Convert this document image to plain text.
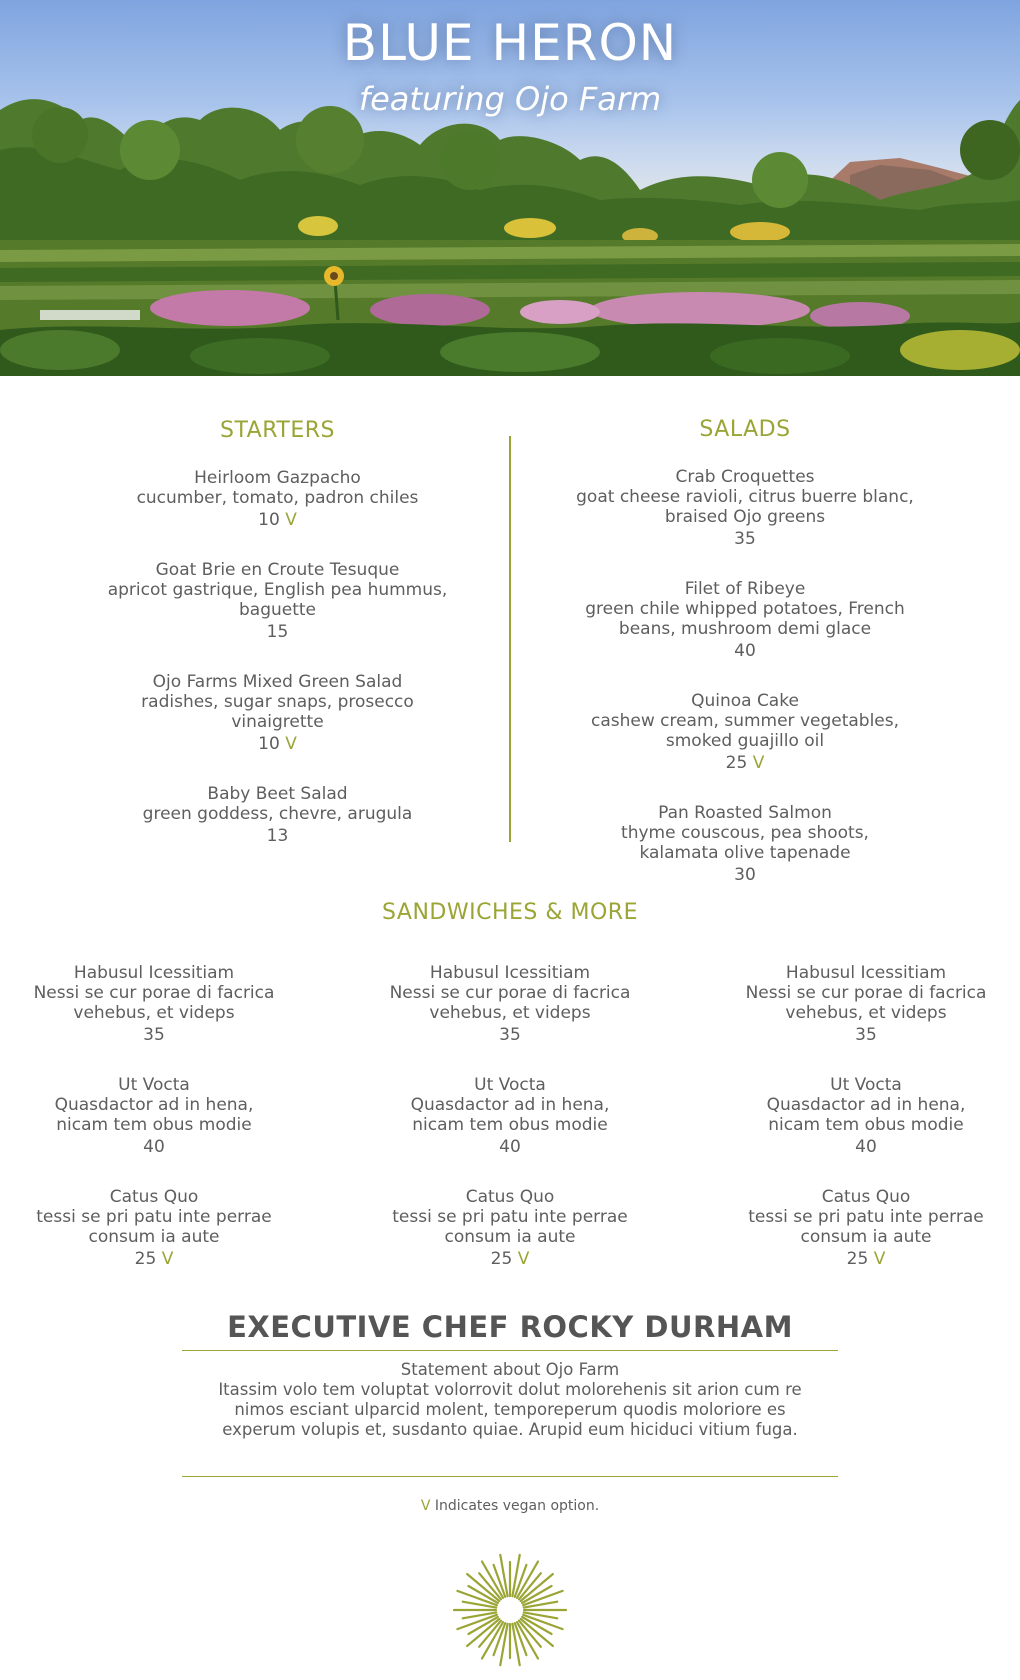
BLUE HERON
featuring Ojo Farm
STARTERS
Heirloom Gazpacho
cucumber, tomato, padron chiles
10 V
Goat Brie en Croute Tesuque
apricot gastrique, English pea hummus, baguette
15
Ojo Farms Mixed Green Salad
radishes, sugar snaps, prosecco vinaigrette
10 V
Baby Beet Salad
green goddess, chevre, arugula
13
SALADS
Crab Croquettes
goat cheese ravioli, citrus buerre blanc, braised Ojo greens
35
Filet of Ribeye
green chile whipped potatoes, French beans, mushroom demi glace
40
Quinoa Cake
cashew cream, summer vegetables, smoked guajillo oil
25 V
Pan Roasted Salmon
thyme couscous, pea shoots, kalamata olive tapenade
30
SANDWICHES & MORE
Habusul Icessitiam
Nessi se cur porae di facrica vehebus, et videps
35
Ut Vocta
Quasdactor ad in hena, nicam tem obus modie
40
Catus Quo
tessi se pri patu inte perrae consum ia aute
25 V
Habusul Icessitiam
Nessi se cur porae di facrica vehebus, et videps
35
Ut Vocta
Quasdactor ad in hena, nicam tem obus modie
40
Catus Quo
tessi se pri patu inte perrae consum ia aute
25 V
Habusul Icessitiam
Nessi se cur porae di facrica vehebus, et videps
35
Ut Vocta
Quasdactor ad in hena, nicam tem obus modie
40
Catus Quo
tessi se pri patu inte perrae consum ia aute
25 V
EXECUTIVE CHEF ROCKY DURHAM
Statement about Ojo Farm
Itassim volo tem voluptat volorrovit dolut molorehenis sit arion cum re nimos esciant ulparcid molent, temporeperum quodis moloriore es experum volupis et, susdanto quiae. Arupid eum hiciduci vitium fuga.
V Indicates vegan option.
